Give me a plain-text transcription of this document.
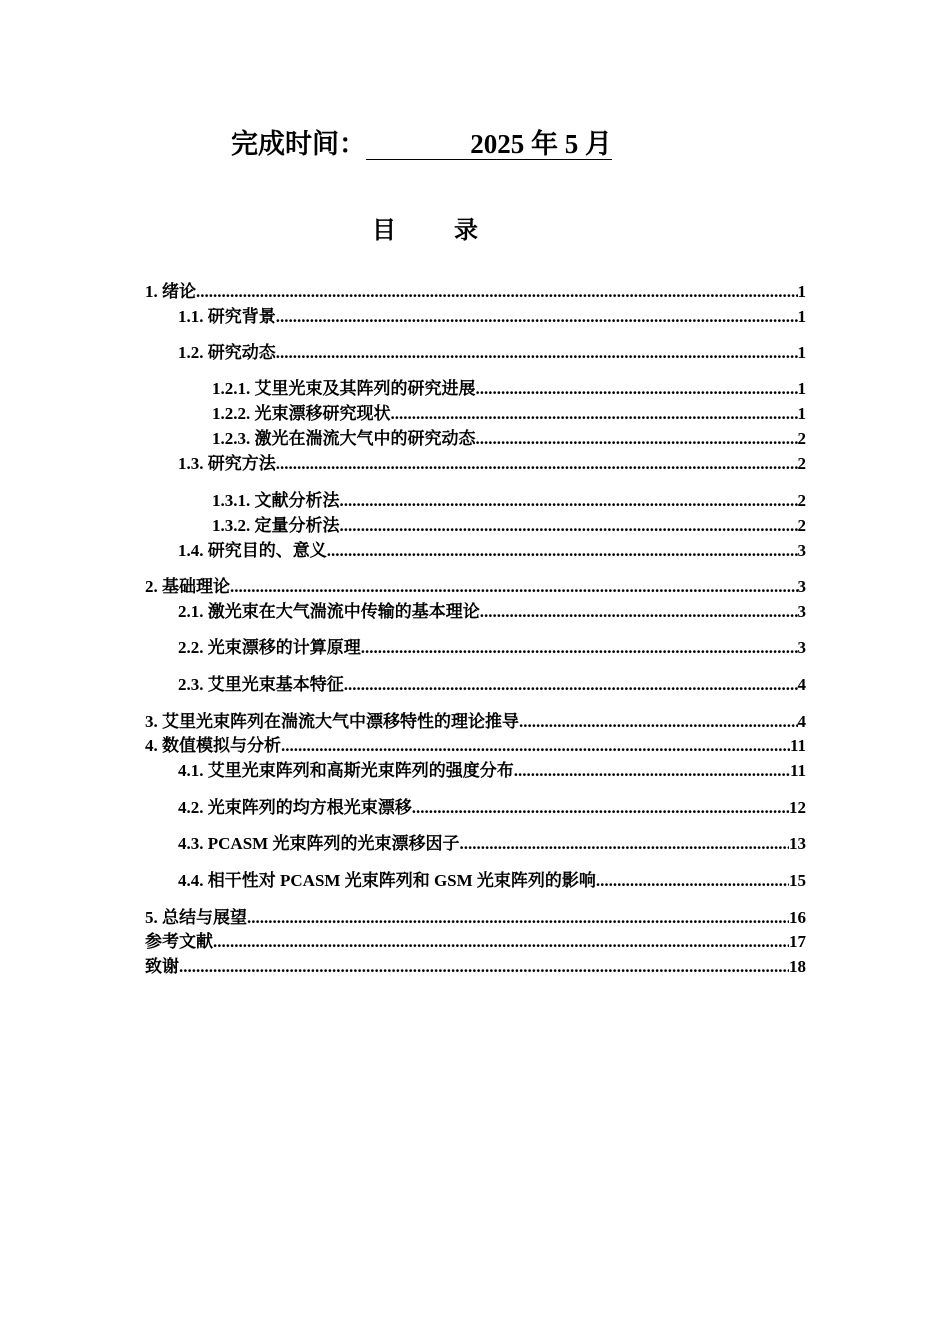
完成时间：	2025 年 5 月
目 录
1. 绪论 .....	1
1.1. 研究背景 .....	1
1.2. 研究动态 .....	1
1.2.1. 艾里光束及其阵列的研究进展 .....	1
1.2.2. 光束漂移研究现状 .....	1
1.2.3. 激光在湍流大气中的研究动态 .....	2
1.3. 研究方法 .....	2
1.3.1. 文献分析法 .....	2
1.3.2. 定量分析法 .....	2
1.4. 研究目的、意义 .....	3
2. 基础理论 .....	3
2.1. 激光束在大气湍流中传输的基本理论 .....	3
2.2. 光束漂移的计算原理 .....	3
2.3. 艾里光束基本特征 .....	4
3. 艾里光束阵列在湍流大气中漂移特性的理论推导 .....	4
4. 数值模拟与分析 .....	11
4.1. 艾里光束阵列和高斯光束阵列的强度分布 .....	11
4.2. 光束阵列的均方根光束漂移 .....	12
4.3. PCASM 光束阵列的光束漂移因子 .....	13
4.4. 相干性对 PCASM 光束阵列和 GSM 光束阵列的影响 .....	15
5. 总结与展望 .....	16
参考文献 .....	17
致谢 .....	18
